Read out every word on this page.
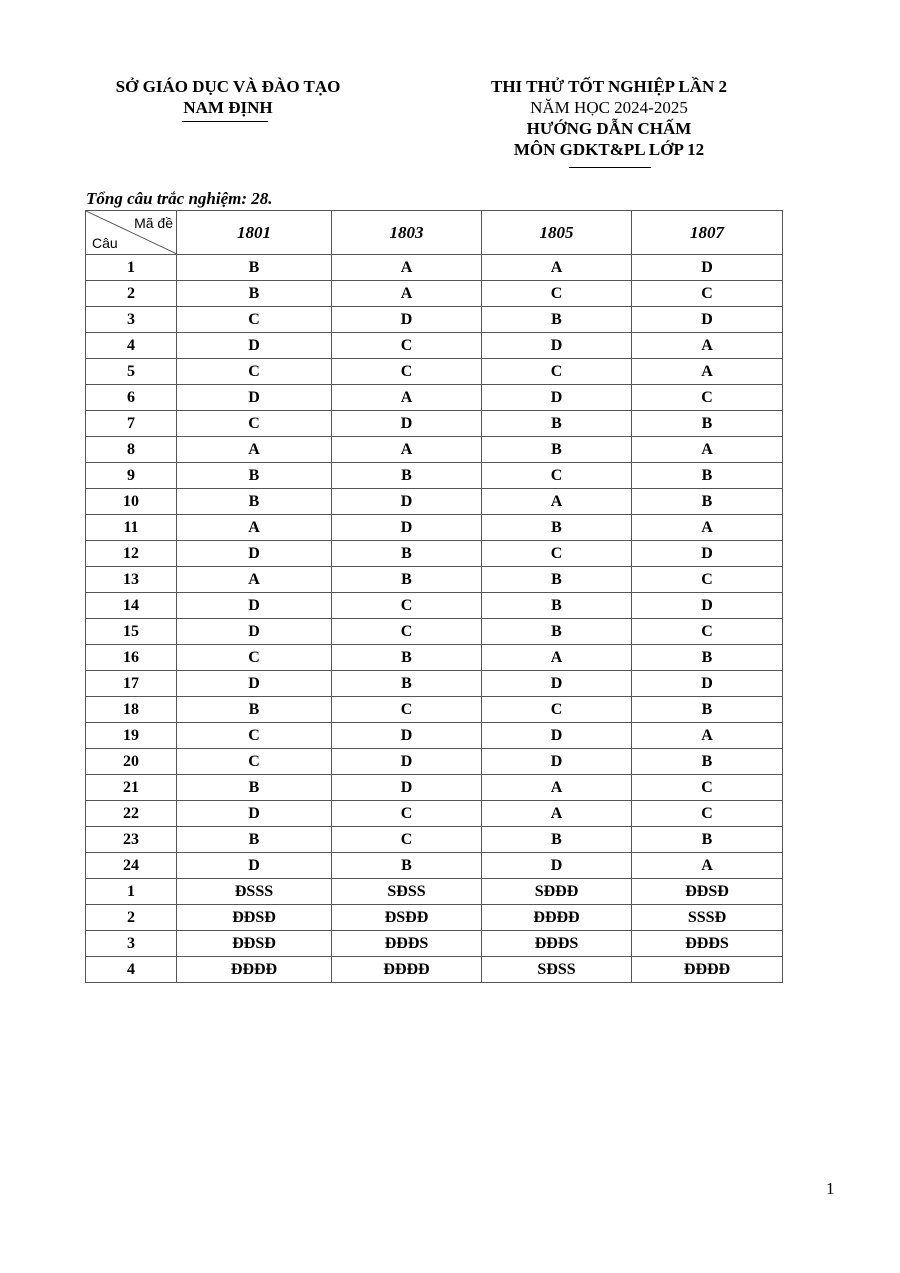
SỞ GIÁO DỤC VÀ ĐÀO TẠO
NAM ĐỊNH
THI THỬ TỐT NGHIỆP LẦN 2
NĂM HỌC 2024-2025
HƯỚNG DẪN CHẤM
MÔN GDKT&PL LỚP 12
Tổng câu trắc nghiệm: 28.
Mã đề
Câu	1801	1803	1805	1807
1	B	A	A	D
2	B	A	C	C
3	C	D	B	D
4	D	C	D	A
5	C	C	C	A
6	D	A	D	C
7	C	D	B	B
8	A	A	B	A
9	B	B	C	B
10	B	D	A	B
11	A	D	B	A
12	D	B	C	D
13	A	B	B	C
14	D	C	B	D
15	D	C	B	C
16	C	B	A	B
17	D	B	D	D
18	B	C	C	B
19	C	D	D	A
20	C	D	D	B
21	B	D	A	C
22	D	C	A	C
23	B	C	B	B
24	D	B	D	A
1	ĐSSS	SĐSS	SĐĐĐ	ĐĐSĐ
2	ĐĐSĐ	ĐSĐĐ	ĐĐĐĐ	SSSĐ
3	ĐĐSĐ	ĐĐĐS	ĐĐĐS	ĐĐĐS
4	ĐĐĐĐ	ĐĐĐĐ	SĐSS	ĐĐĐĐ
1
